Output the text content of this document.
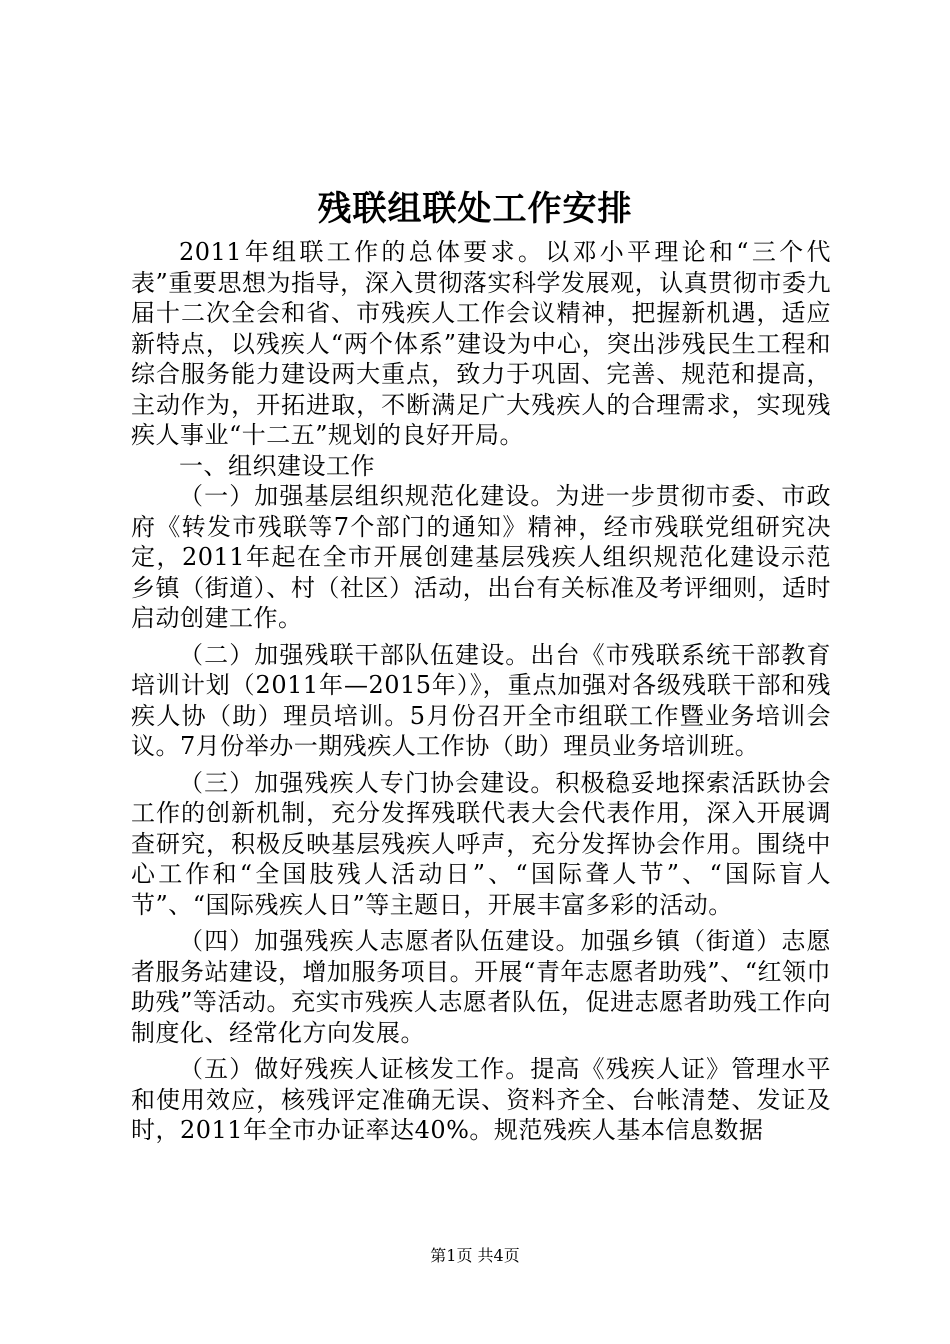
残联组联处工作安排

2011年组联工作的总体要求。以邓小平理论和“三个代表”重要思想为指导，深入贯彻落实科学发展观，认真贯彻市委九届十二次全会和省、市残疾人工作会议精神，把握新机遇，适应新特点，以残疾人“两个体系”建设为中心，突出涉残民生工程和综合服务能力建设两大重点，致力于巩固、完善、规范和提高，主动作为，开拓进取，不断满足广大残疾人的合理需求，实现残疾人事业“十二五”规划的良好开局。

一、组织建设工作

（一）加强基层组织规范化建设。为进一步贯彻市委、市政府《转发市残联等7个部门的通知》精神，经市残联党组研究决定，2011年起在全市开展创建基层残疾人组织规范化建设示范乡镇（街道）、村（社区）活动，出台有关标准及考评细则，适时启动创建工作。

（二）加强残联干部队伍建设。出台《市残联系统干部教育培训计划（2011年—2015年）》，重点加强对各级残联干部和残疾人协（助）理员培训。5月份召开全市组联工作暨业务培训会议。7月份举办一期残疾人工作协（助）理员业务培训班。

（三）加强残疾人专门协会建设。积极稳妥地探索活跃协会工作的创新机制，充分发挥残联代表大会代表作用，深入开展调查研究，积极反映基层残疾人呼声，充分发挥协会作用。围绕中心工作和“全国肢残人活动日”、“国际聋人节”、“国际盲人节”、“国际残疾人日”等主题日，开展丰富多彩的活动。

（四）加强残疾人志愿者队伍建设。加强乡镇（街道）志愿者服务站建设，增加服务项目。开展“青年志愿者助残”、“红领巾助残”等活动。充实市残疾人志愿者队伍，促进志愿者助残工作向制度化、经常化方向发展。

（五）做好残疾人证核发工作。提高《残疾人证》管理水平和使用效应，核残评定准确无误、资料齐全、台帐清楚、发证及时，2011年全市办证率达40%。规范残疾人基本信息数据

第1页 共4页
